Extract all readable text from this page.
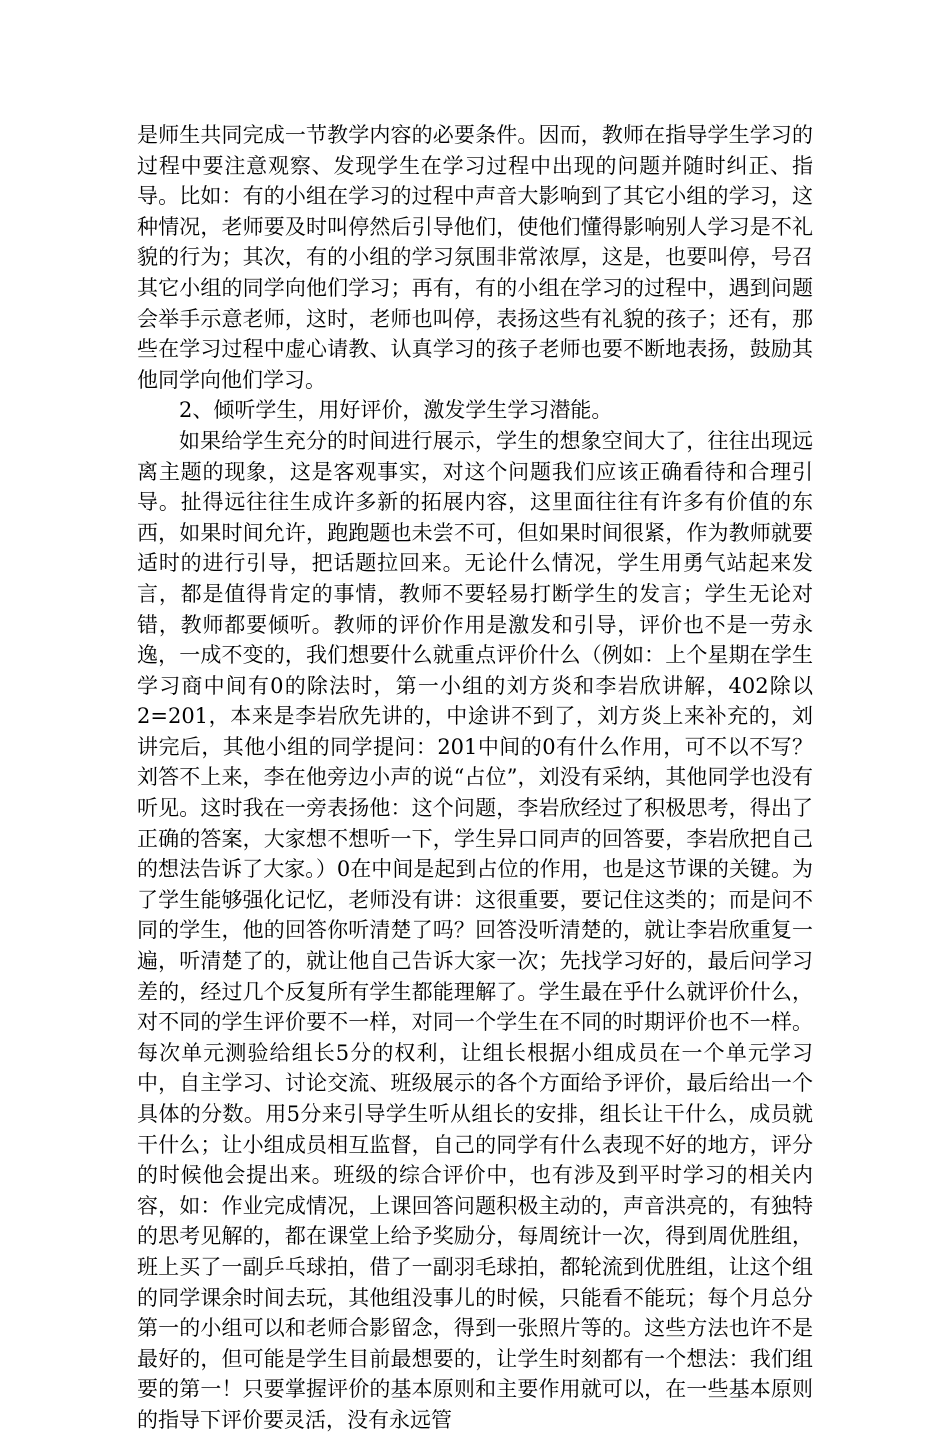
是师生共同完成一节教学内容的必要条件。因而，教师在指导学生学习的过程中要注意观察、发现学生在学习过程中出现的问题并随时纠正、指导。比如：有的小组在学习的过程中声音大影响到了其它小组的学习，这种情况，老师要及时叫停然后引导他们，使他们懂得影响别人学习是不礼貌的行为；其次，有的小组的学习氛围非常浓厚，这是，也要叫停，号召其它小组的同学向他们学习；再有，有的小组在学习的过程中，遇到问题会举手示意老师，这时，老师也叫停，表扬这些有礼貌的孩子；还有，那些在学习过程中虚心请教、认真学习的孩子老师也要不断地表扬，鼓励其他同学向他们学习。

2、倾听学生，用好评价，激发学生学习潜能。

如果给学生充分的时间进行展示，学生的想象空间大了，往往出现远离主题的现象，这是客观事实，对这个问题我们应该正确看待和合理引导。扯得远往往生成许多新的拓展内容，这里面往往有许多有价值的东西，如果时间允许，跑跑题也未尝不可，但如果时间很紧，作为教师就要适时的进行引导，把话题拉回来。无论什么情况，学生用勇气站起来发言，都是值得肯定的事情，教师不要轻易打断学生的发言；学生无论对错，教师都要倾听。教师的评价作用是激发和引导，评价也不是一劳永逸，一成不变的，我们想要什么就重点评价什么（例如：上个星期在学生学习商中间有0的除法时，第一小组的刘方炎和李岩欣讲解，402除以2=201，本来是李岩欣先讲的，中途讲不到了，刘方炎上来补充的，刘讲完后，其他小组的同学提问：201中间的0有什么作用，可不以不写？刘答不上来，李在他旁边小声的说“占位”，刘没有采纳，其他同学也没有听见。这时我在一旁表扬他：这个问题，李岩欣经过了积极思考，得出了正确的答案，大家想不想听一下，学生异口同声的回答要，李岩欣把自己的想法告诉了大家。）0在中间是起到占位的作用，也是这节课的关键。为了学生能够强化记忆，老师没有讲：这很重要，要记住这类的；而是问不同的学生，他的回答你听清楚了吗？回答没听清楚的，就让李岩欣重复一遍，听清楚了的，就让他自己告诉大家一次；先找学习好的，最后问学习差的，经过几个反复所有学生都能理解了。学生最在乎什么就评价什么，对不同的学生评价要不一样，对同一个学生在不同的时期评价也不一样。每次单元测验给组长5分的权利，让组长根据小组成员在一个单元学习中，自主学习、讨论交流、班级展示的各个方面给予评价，最后给出一个具体的分数。用5分来引导学生听从组长的安排，组长让干什么，成员就干什么；让小组成员相互监督，自己的同学有什么表现不好的地方，评分的时候他会提出来。班级的综合评价中，也有涉及到平时学习的相关内容，如：作业完成情况，上课回答问题积极主动的，声音洪亮的，有独特的思考见解的，都在课堂上给予奖励分，每周统计一次，得到周优胜组，班上买了一副乒乓球拍，借了一副羽毛球拍，都轮流到优胜组，让这个组的同学课余时间去玩，其他组没事儿的时候，只能看不能玩；每个月总分第一的小组可以和老师合影留念，得到一张照片等的。这些方法也许不是最好的，但可能是学生目前最想要的，让学生时刻都有一个想法：我们组要的第一！只要掌握评价的基本原则和主要作用就可以，在一些基本原则的指导下评价要灵活，没有永远管
